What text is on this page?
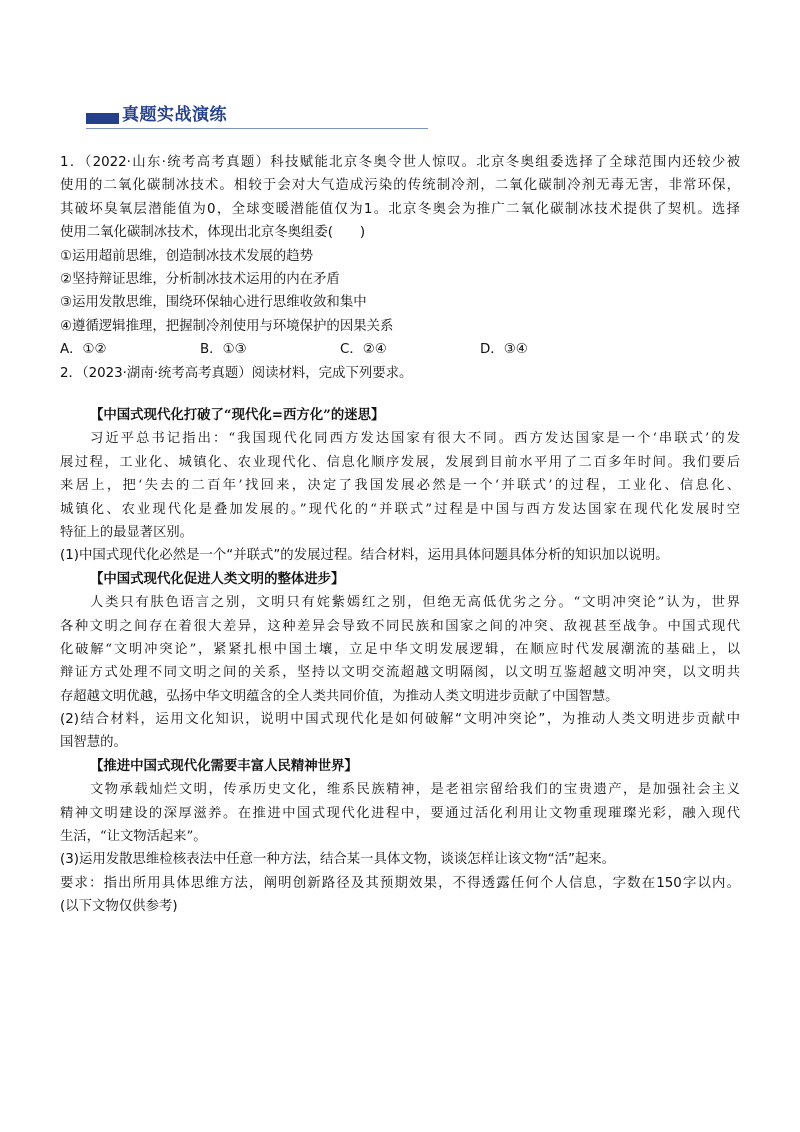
真题实战演练
1．（2022·山东·统考高考真题）科技赋能北京冬奥令世人惊叹。北京冬奥组委选择了全球范围内还较少被
使用的二氧化碳制冰技术。相较于会对大气造成污染的传统制冷剂，二氧化碳制冷剂无毒无害，非常环保，
其破坏臭氧层潜能值为0，全球变暖潜能值仅为1。北京冬奥会为推广二氧化碳制冰技术提供了契机。选择
使用二氧化碳制冰技术，体现出北京冬奥组委(　　)
①运用超前思维，创造制冰技术发展的趋势
②坚持辩证思维，分析制冰技术运用的内在矛盾
③运用发散思维，围绕环保轴心进行思维收敛和集中
④遵循逻辑推理，把握制冷剂使用与环境保护的因果关系
A．①②	B．①③	C．②④	D．③④
2．（2023·湖南·统考高考真题）阅读材料，完成下列要求。
【中国式现代化打破了“现代化=西方化”的迷思】
习近平总书记指出：“我国现代化同西方发达国家有很大不同。西方发达国家是一个‘串联式’的发
展过程，工业化、城镇化、农业现代化、信息化顺序发展，发展到目前水平用了二百多年时间。我们要后
来居上，把‘失去的二百年’找回来，决定了我国发展必然是一个‘并联式’的过程，工业化、信息化、
城镇化、农业现代化是叠加发展的。”现代化的“并联式”过程是中国与西方发达国家在现代化发展时空
特征上的最显著区别。
(1)中国式现代化必然是一个“并联式”的发展过程。结合材料，运用具体问题具体分析的知识加以说明。
【中国式现代化促进人类文明的整体进步】
人类只有肤色语言之别，文明只有姹紫嫣红之别，但绝无高低优劣之分。“文明冲突论”认为，世界
各种文明之间存在着很大差异，这种差异会导致不同民族和国家之间的冲突、敌视甚至战争。中国式现代
化破解“文明冲突论”，紧紧扎根中国土壤，立足中华文明发展逻辑，在顺应时代发展潮流的基础上，以
辩证方式处理不同文明之间的关系，坚持以文明交流超越文明隔阂，以文明互鉴超越文明冲突，以文明共
存超越文明优越，弘扬中华文明蕴含的全人类共同价值，为推动人类文明进步贡献了中国智慧。
(2)结合材料，运用文化知识，说明中国式现代化是如何破解“文明冲突论”，为推动人类文明进步贡献中
国智慧的。
【推进中国式现代化需要丰富人民精神世界】
文物承载灿烂文明，传承历史文化，维系民族精神，是老祖宗留给我们的宝贵遗产，是加强社会主义
精神文明建设的深厚滋养。在推进中国式现代化进程中，要通过活化利用让文物重现璀璨光彩，融入现代
生活，“让文物活起来”。
(3)运用发散思维检核表法中任意一种方法，结合某一具体文物，谈谈怎样让该文物“活”起来。
要求：指出所用具体思维方法，阐明创新路径及其预期效果，不得透露任何个人信息，字数在150字以内。
(以下文物仅供参考)
